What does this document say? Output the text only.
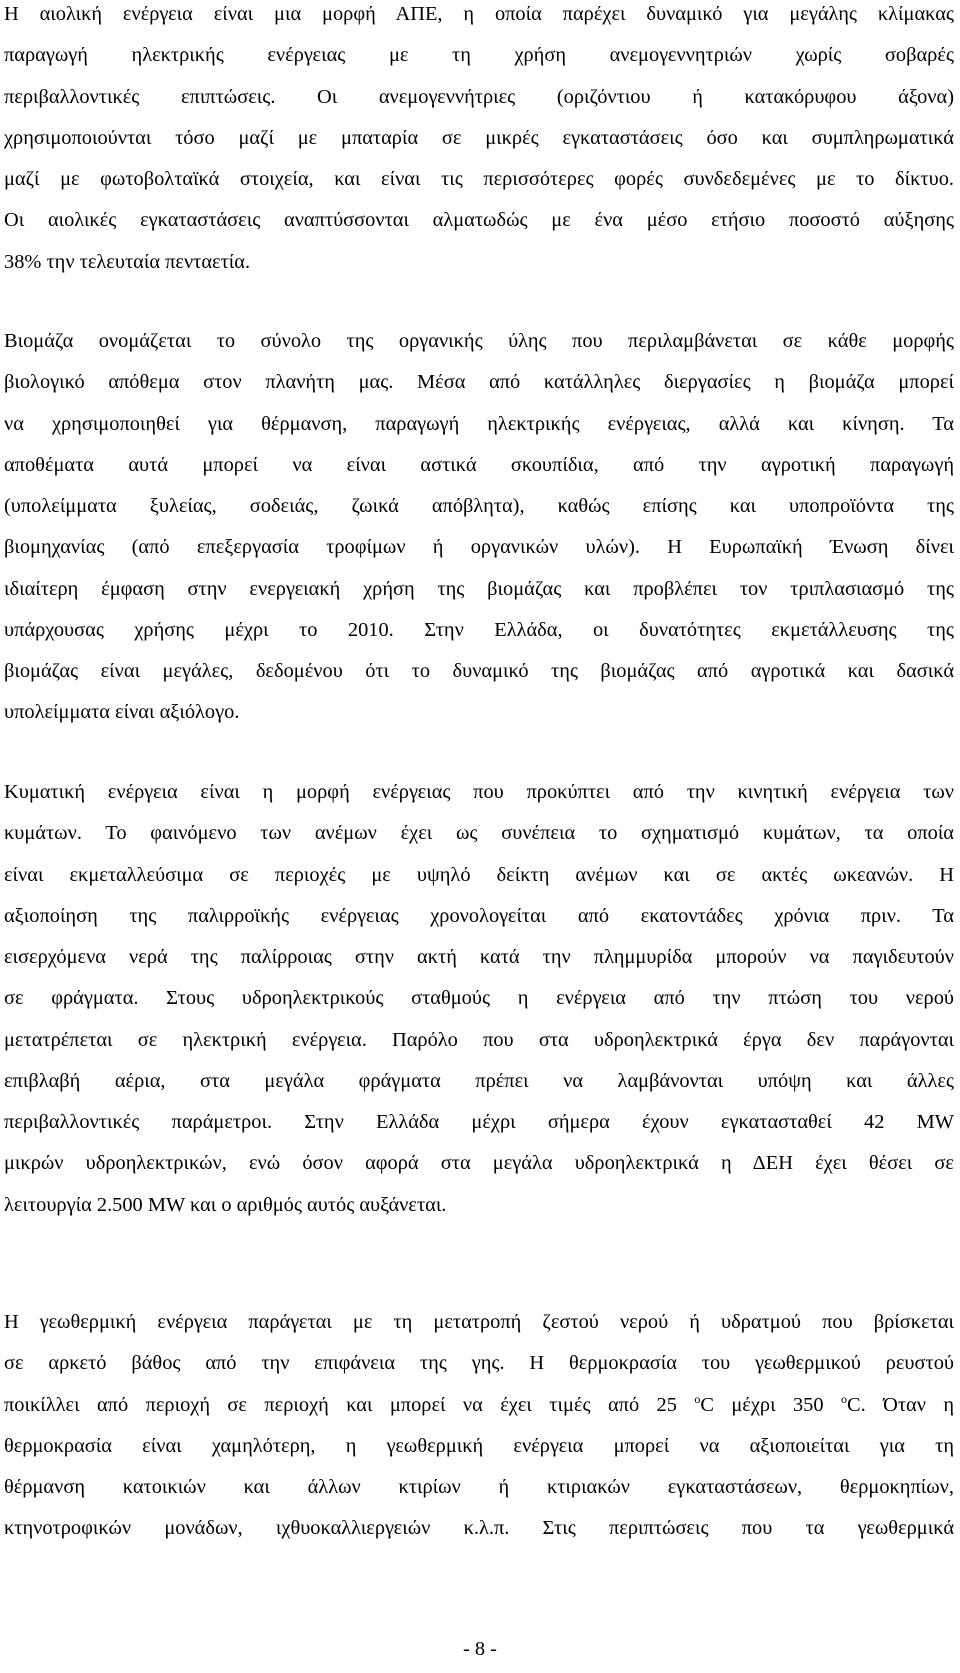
Η αιολική ενέργεια είναι μια μορφή ΑΠΕ, η οποία παρέχει δυναμικό για μεγάλης κλίμακας
παραγωγή ηλεκτρικής ενέργειας με τη χρήση ανεμογεννητριών χωρίς σοβαρές
περιβαλλοντικές επιπτώσεις. Οι ανεμογεννήτριες (οριζόντιου ή κατακόρυφου άξονα)
χρησιμοποιούνται τόσο μαζί με μπαταρία σε μικρές εγκαταστάσεις όσο και συμπληρωματικά
μαζί με φωτοβολταϊκά στοιχεία, και είναι τις περισσότερες φορές συνδεδεμένες με το δίκτυο.
Οι αιολικές εγκαταστάσεις αναπτύσσονται αλματωδώς με ένα μέσο ετήσιο ποσοστό αύξησης
38% την τελευταία πενταετία.
Βιομάζα ονομάζεται το σύνολο της οργανικής ύλης που περιλαμβάνεται σε κάθε μορφής
βιολογικό απόθεμα στον πλανήτη μας. Μέσα από κατάλληλες διεργασίες η βιομάζα μπορεί
να χρησιμοποιηθεί για θέρμανση, παραγωγή ηλεκτρικής ενέργειας, αλλά και κίνηση. Τα
αποθέματα αυτά μπορεί να είναι αστικά σκουπίδια, από την αγροτική παραγωγή
(υπολείμματα ξυλείας, σοδειάς, ζωικά απόβλητα), καθώς επίσης και υποπροϊόντα της
βιομηχανίας (από επεξεργασία τροφίμων ή οργανικών υλών). Η Ευρωπαϊκή Ένωση δίνει
ιδιαίτερη έμφαση στην ενεργειακή χρήση της βιομάζας και προβλέπει τον τριπλασιασμό της
υπάρχουσας χρήσης μέχρι το 2010. Στην Ελλάδα, οι δυνατότητες εκμετάλλευσης της
βιομάζας είναι μεγάλες, δεδομένου ότι το δυναμικό της βιομάζας από αγροτικά και δασικά
υπολείμματα είναι αξιόλογο.
Κυματική ενέργεια είναι η μορφή ενέργειας που προκύπτει από την κινητική ενέργεια των
κυμάτων. Το φαινόμενο των ανέμων έχει ως συνέπεια το σχηματισμό κυμάτων, τα οποία
είναι εκμεταλλεύσιμα σε περιοχές με υψηλό δείκτη ανέμων και σε ακτές ωκεανών. Η
αξιοποίηση της παλιρροϊκής ενέργειας χρονολογείται από εκατοντάδες χρόνια πριν. Τα
εισερχόμενα νερά της παλίρροιας στην ακτή κατά την πλημμυρίδα μπορούν να παγιδευτούν
σε φράγματα. Στους υδροηλεκτρικούς σταθμούς η ενέργεια από την πτώση του νερού
μετατρέπεται σε ηλεκτρική ενέργεια. Παρόλο που στα υδροηλεκτρικά έργα δεν παράγονται
επιβλαβή αέρια, στα μεγάλα φράγματα πρέπει να λαμβάνονται υπόψη και άλλες
περιβαλλοντικές παράμετροι. Στην Ελλάδα μέχρι σήμερα έχουν εγκατασταθεί 42 MW
μικρών υδροηλεκτρικών, ενώ όσον αφορά στα μεγάλα υδροηλεκτρικά η ΔΕΗ έχει θέσει σε
λειτουργία 2.500 MW και ο αριθμός αυτός αυξάνεται.
Η γεωθερμική ενέργεια παράγεται με τη μετατροπή ζεστού νερού ή υδρατμού που βρίσκεται
σε αρκετό βάθος από την επιφάνεια της γης. Η θερμοκρασία του γεωθερμικού ρευστού
ποικίλλει από περιοχή σε περιοχή και μπορεί να έχει τιμές από 25 $^o$C μέχρι 350 $^o$C. Όταν η
θερμοκρασία είναι χαμηλότερη, η γεωθερμική ενέργεια μπορεί να αξιοποιείται για τη
θέρμανση κατοικιών και άλλων κτιρίων ή κτιριακών εγκαταστάσεων, θερμοκηπίων,
κτηνοτροφικών μονάδων, ιχθυοκαλλιεργειών κ.λ.π. Στις περιπτώσεις που τα γεωθερμικά
- 8 -
